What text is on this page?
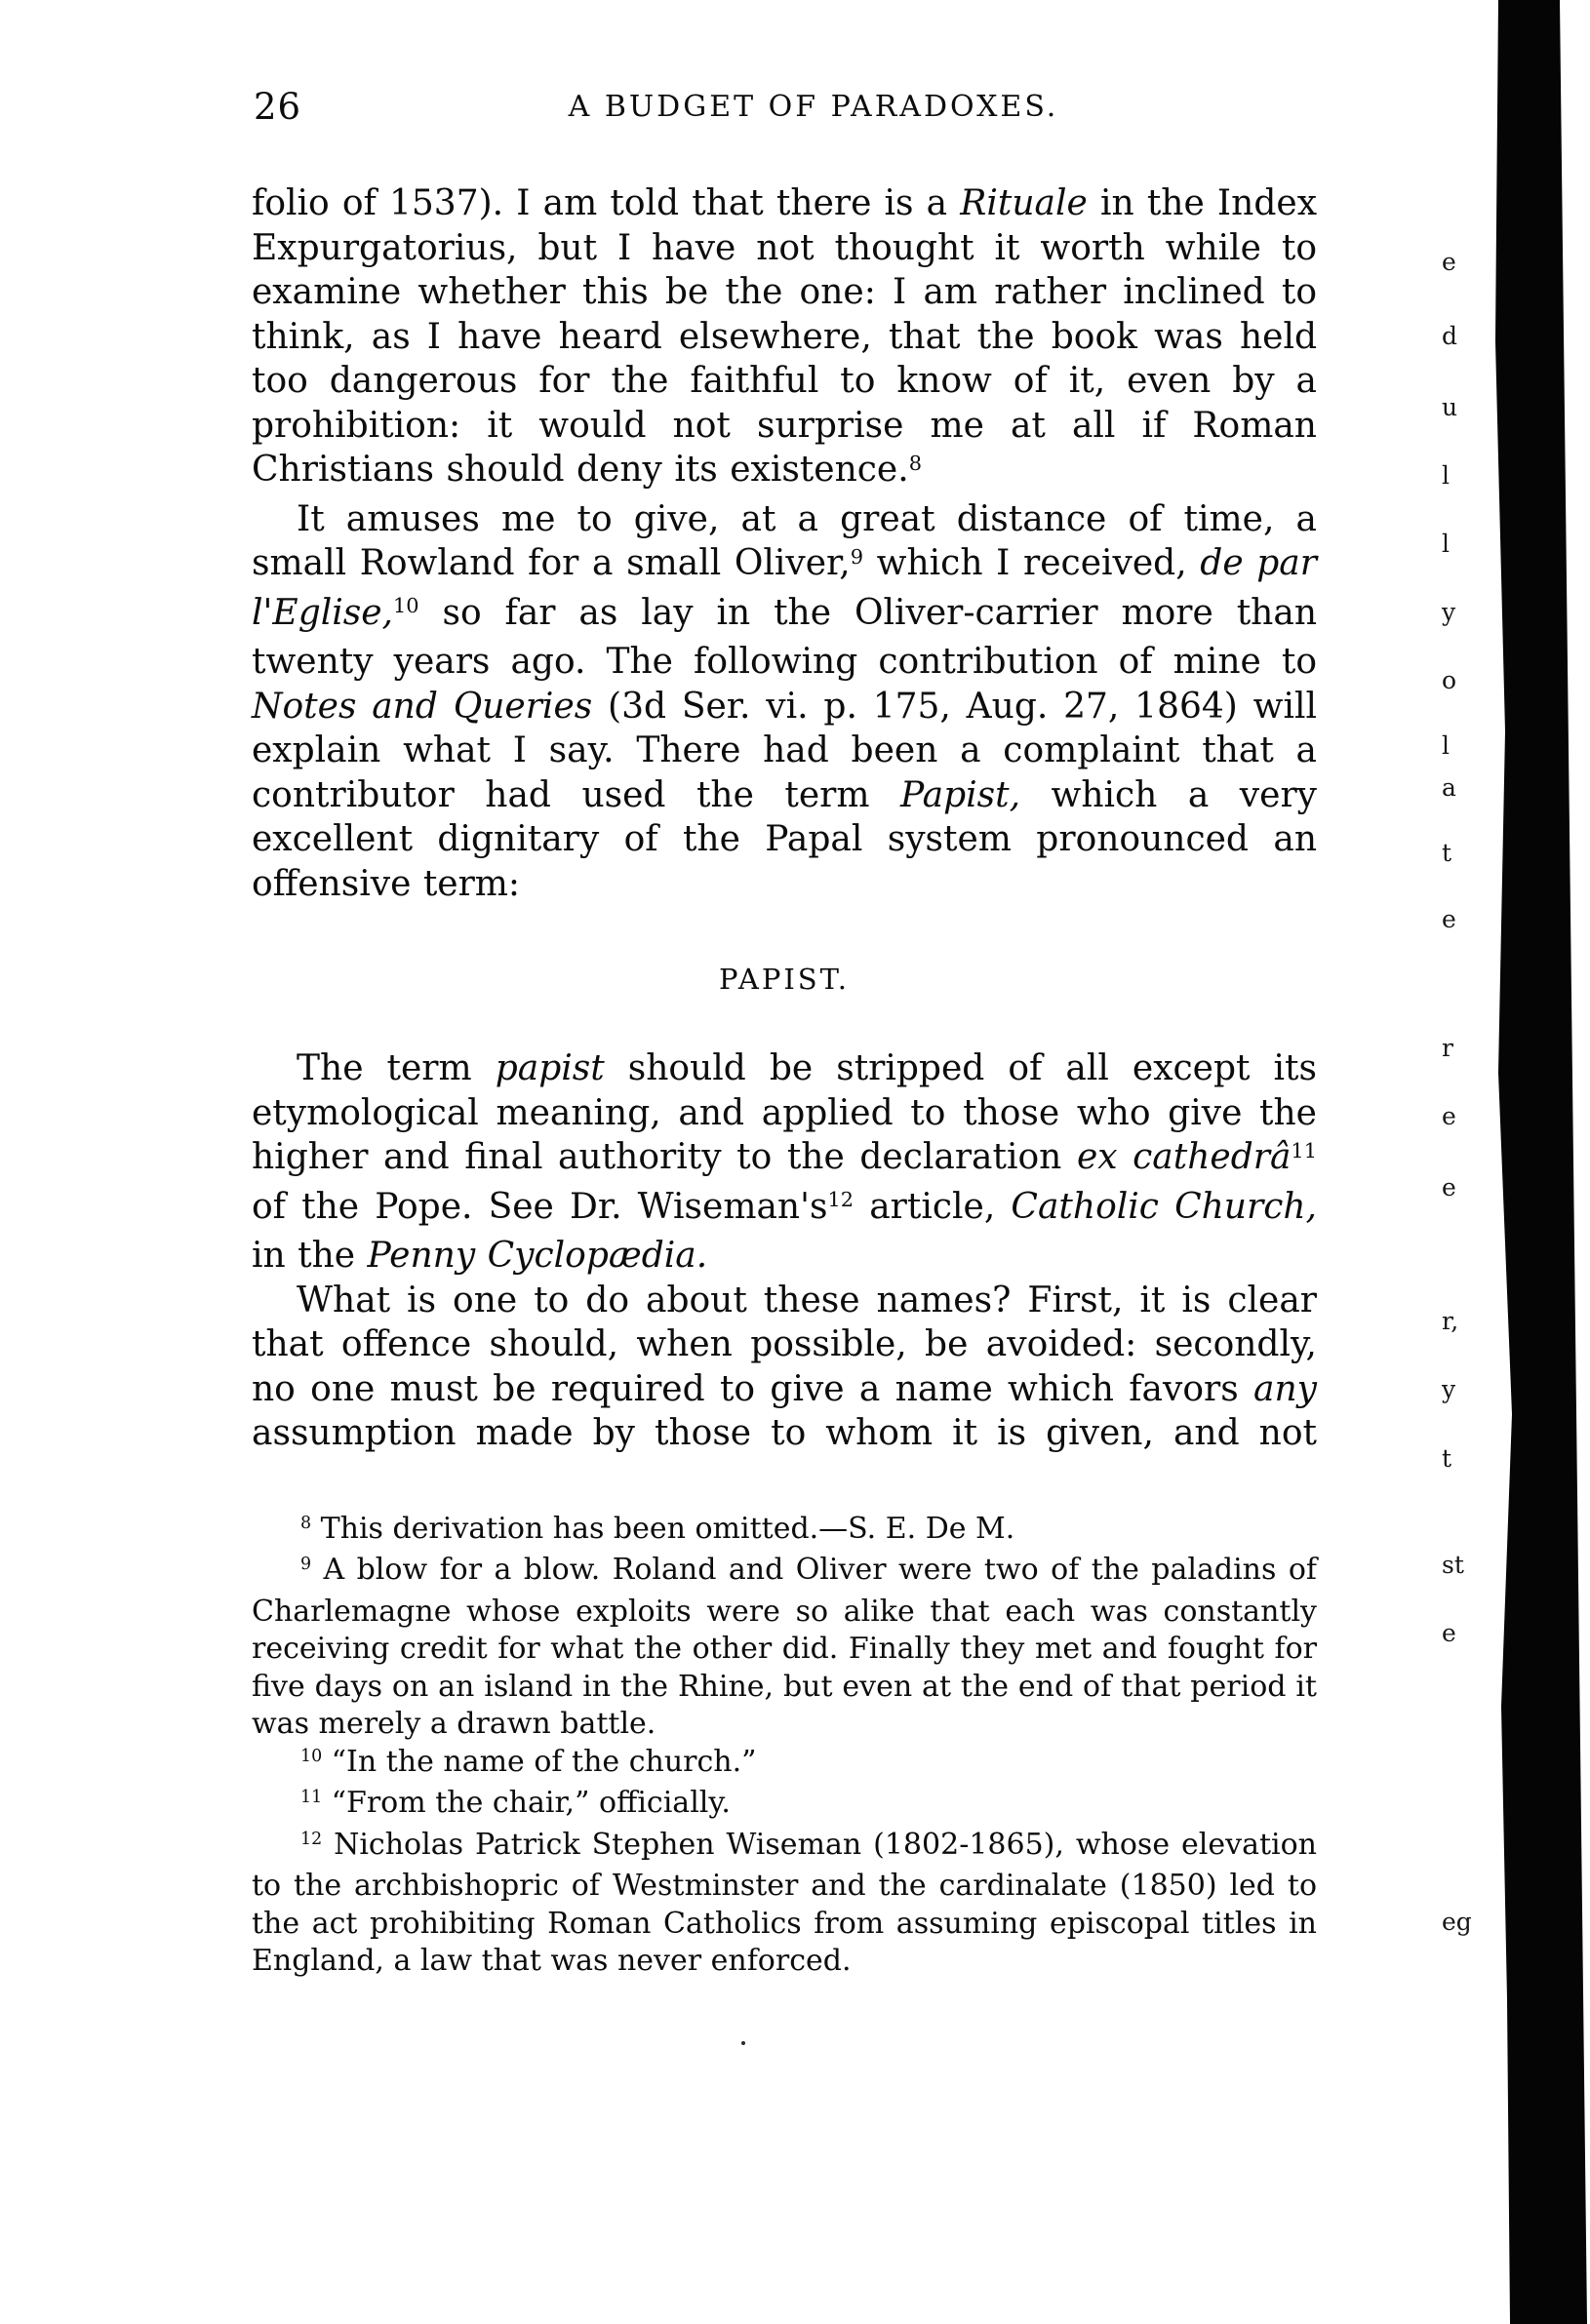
26	A BUDGET OF PARADOXES.

folio of 1537). I am told that there is a Rituale in the Index Expurgatorius, but I have not thought it worth while to examine whether this be the one: I am rather inclined to think, as I have heard elsewhere, that the book was held too dangerous for the faithful to know of it, even by a prohibition: it would not surprise me at all if Roman Christians should deny its existence.$^8$

It amuses me to give, at a great distance of time, a small Rowland for a small Oliver,$^9$ which I received, de par l'Eglise,$^{10}$ so far as lay in the Oliver-carrier more than twenty years ago. The following contribution of mine to Notes and Queries (3d Ser. vi. p. 175, Aug. 27, 1864) will explain what I say. There had been a complaint that a contributor had used the term Papist, which a very excellent dignitary of the Papal system pronounced an offensive term:

PAPIST.

The term papist should be stripped of all except its etymological meaning, and applied to those who give the higher and final authority to the declaration ex cathedrâ$^{11}$ of the Pope. See Dr. $Wiseman's^{12}$ article, Catholic Church, in the Penny Cyclopædia.

What is one to do about these names? First, it is clear that offence should, when possible, be avoided: secondly, no one must be required to give a name which favors any assumption made by those to whom it is given, and not

$^8$ This derivation has been omitted.—S. E. De M.

$^9$ A blow for a blow. Roland and Oliver were two of the paladins of Charlemagne whose exploits were so alike that each was constantly receiving credit for what the other did. Finally they met and fought for five days on an island in the Rhine, but even at the end of that period it was merely a drawn battle.

$^{10}$ “In the name of the church.”

$^{11}$ “From the chair,” officially.

$^{12}$ Nicholas Patrick Stephen Wiseman (1802-1865), whose elevation to the archbishopric of Westminster and the cardinalate (1850) led to the act prohibiting Roman Catholics from assuming episcopal titles in England, a law that was never enforced.

e
d
u
l
l
y
o
l
a
t
e
r
e
e
r,
y
t
st
e
eg
